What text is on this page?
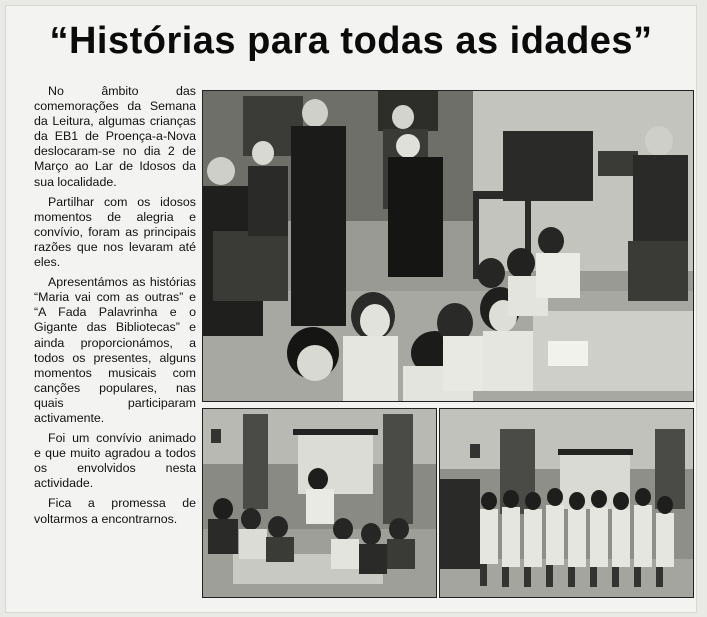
“Histórias para todas as idades”

No âmbito das comemorações da Semana da Leitura, algumas crianças da EB1 de Proença-a-Nova deslocaram-se no dia 2 de Março ao Lar de Idosos da sua localidade.

Partilhar com os idosos momentos de alegria e convívio, foram as principais razões que nos levaram até eles.

Apresentámos as histórias “Maria vai com as outras” e “A Fada Palavrinha e o Gigante das Bibliotecas” e ainda proporcionámos, a todos os presentes, alguns momentos musicais com canções populares, nas quais participaram activamente.

Foi um convívio animado e que muito agradou a todos os envolvidos nesta actividade.

Fica a promessa de voltarmos a encontrarnos.
